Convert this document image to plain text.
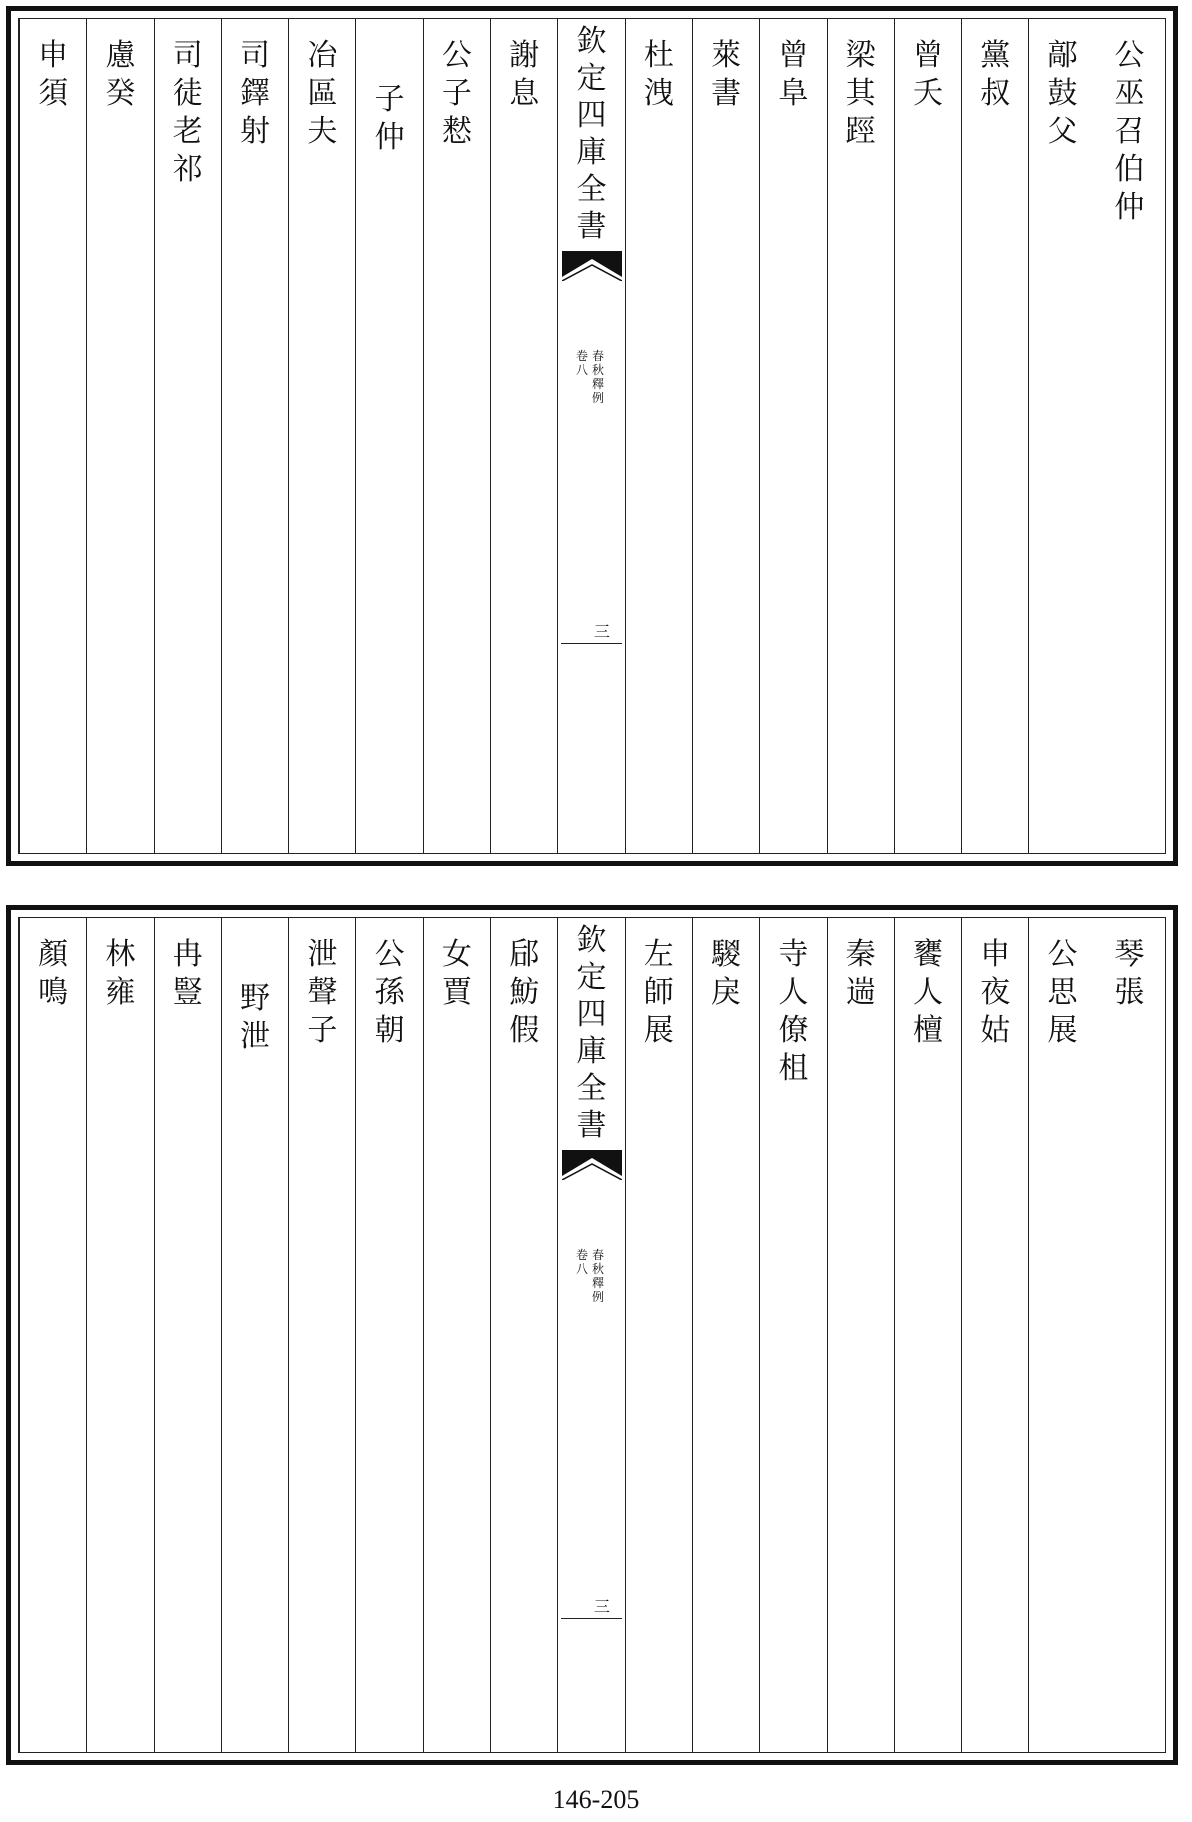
公
巫
召
伯
仲
鄗
鼓
父
黨
叔
曾
夭
梁
其
踁
曾
阜
萊
書
杜
洩
欽
定
四
庫
全
書
春
秋
釋
例
卷
八
三
謝
息
公
子
慭
子
仲
冶
區
夫
司
鐸
射
司
徒
老
祁
慮
癸
申
須
琴
張
公
思
展
申
夜
姑
饔
人
檀
秦
遄
寺
人
僚
柤
騣
戾
左
師
展
欽
定
四
庫
全
書
春
秋
釋
例
卷
八
三
郈
魴
假
女
賈
公
孫
朝
泄
聲
子
野
泄
冉
豎
林
雍
顏
鳴
146-205
